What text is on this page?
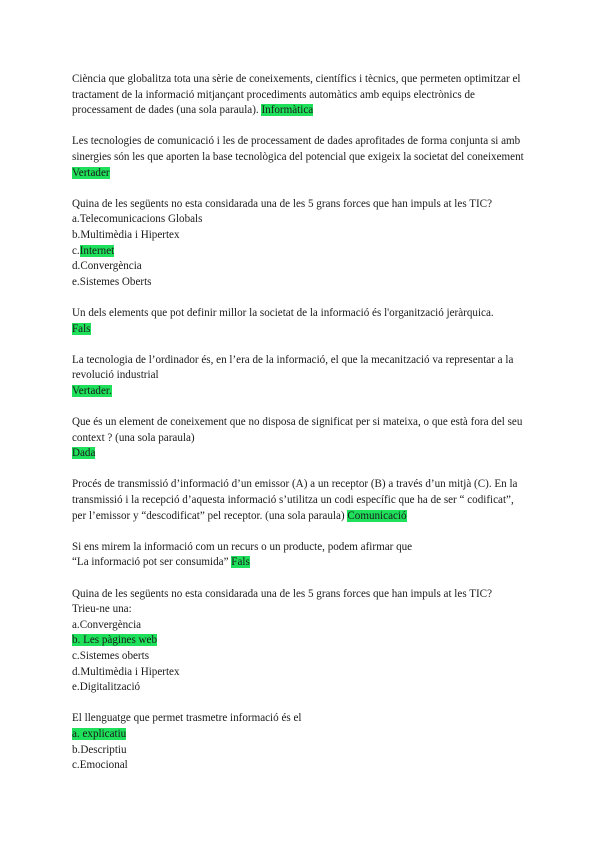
Ciència que globalitza tota una sèrie de coneixements, científics i tècnics, que permeten optimitzar el
tractament de la informació mitjançant procediments automàtics amb equips electrònics de
processament de dades (una sola paraula). Informàtica
Les tecnologies de comunicació i les de processament de dades aprofitades de forma conjunta si amb
sinergies són les que aporten la base tecnològica del potencial que exigeix la societat del coneixement
Vertader
Quina de les següents no esta considarada una de les 5 grans forces que han impuls at les TIC?
a.Telecomunicacions Globals
b.Multimèdia i Hipertex
c.Internet
d.Convergència
e.Sistemes Oberts
Un dels elements que pot definir millor la societat de la informació és l'organització jeràrquica.
Fals
La tecnologia de l’ordinador és, en l’era de la informació, el que la mecanització va representar a la
revolució industrial
Vertader.
Que és un element de coneixement que no disposa de significat per si mateixa, o que està fora del seu
context ? (una sola paraula)
Dada
Procés de transmissió d’informació d’un emissor (A) a un receptor (B) a través d’un mitjà (C). En la
transmissió i la recepció d’aquesta informació s’utilitza un codi específic que ha de ser “ codificat”,
per l’emissor y “descodificat” pel receptor. (una sola paraula) Comunicació
Si ens mirem la informació com un recurs o un producte, podem afirmar que
“La informació pot ser consumida” Fals
Quina de les següents no esta considarada una de les 5 grans forces que han impuls at les TIC?
Trieu-ne una:
a.Convergència
b. Les pàgines web
c.Sistemes oberts
d.Multimèdia i Hipertex
e.Digitalització
El llenguatge que permet trasmetre informació és el
a. explicatiu
b.Descriptiu
c.Emocional
